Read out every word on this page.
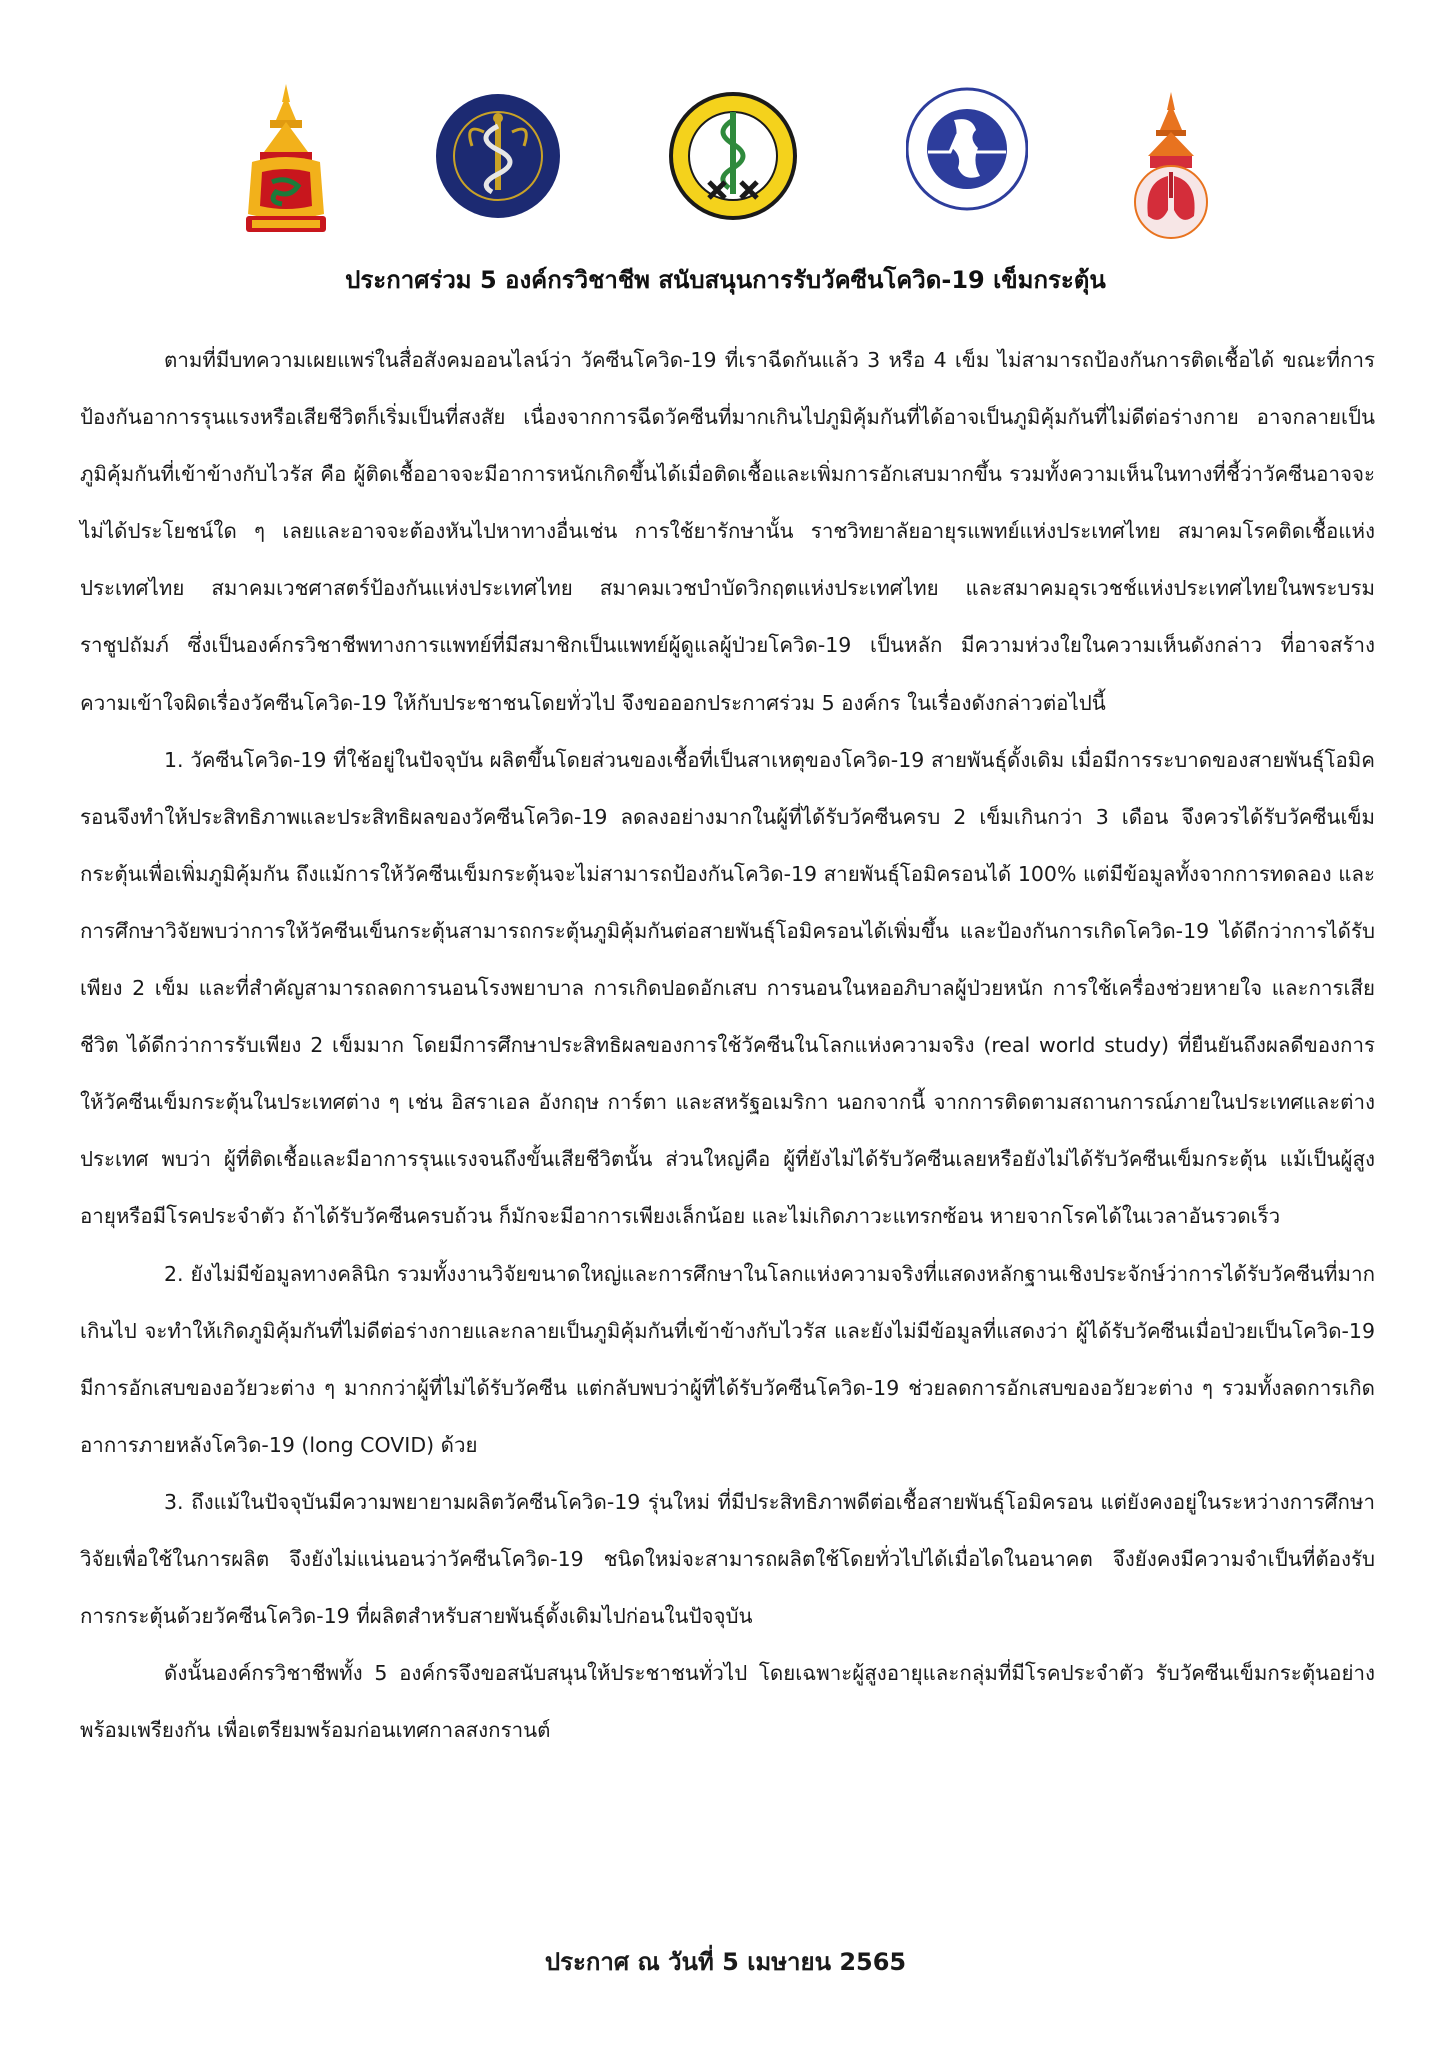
ประกาศร่วม 5 องค์กรวิชาชีพ สนับสนุนการรับวัคซีนโควิด-19 เข็มกระตุ้น

ตามที่มีบทความเผยแพร่ในสื่อสังคมออนไลน์ว่า วัคซีนโควิด-19 ที่เราฉีดกันแล้ว 3 หรือ 4 เข็ม ไม่สามารถป้องกันการติดเชื้อได้ ขณะที่การป้องกันอาการรุนแรงหรือเสียชีวิตก็เริ่มเป็นที่สงสัย เนื่องจากการฉีดวัคซีนที่มากเกินไปภูมิคุ้มกันที่ได้อาจเป็นภูมิคุ้มกันที่ไม่ดีต่อร่างกาย อาจกลายเป็นภูมิคุ้มกันที่เข้าข้างกับไวรัส คือ ผู้ติดเชื้ออาจจะมีอาการหนักเกิดขึ้นได้เมื่อติดเชื้อและเพิ่มการอักเสบมากขึ้น รวมทั้งความเห็นในทางที่ชี้ว่าวัคซีนอาจจะไม่ได้ประโยชน์ใด ๆ เลยและอาจจะต้องหันไปหาทางอื่นเช่น การใช้ยารักษานั้น ราชวิทยาลัยอายุรแพทย์แห่งประเทศไทย สมาคมโรคติดเชื้อแห่งประเทศไทย สมาคมเวชศาสตร์ป้องกันแห่งประเทศไทย สมาคมเวชบำบัดวิกฤตแห่งประเทศไทย และสมาคมอุรเวชช์แห่งประเทศไทยในพระบรมราชูปถัมภ์ ซึ่งเป็นองค์กรวิชาชีพทางการแพทย์ที่มีสมาชิกเป็นแพทย์ผู้ดูแลผู้ป่วยโควิด-19 เป็นหลัก มีความห่วงใยในความเห็นดังกล่าว ที่อาจสร้างความเข้าใจผิดเรื่องวัคซีนโควิด-19 ให้กับประชาชนโดยทั่วไป จึงขอออกประกาศร่วม 5 องค์กร ในเรื่องดังกล่าวต่อไปนี้

1. วัคซีนโควิด-19 ที่ใช้อยู่ในปัจจุบัน ผลิตขึ้นโดยส่วนของเชื้อที่เป็นสาเหตุของโควิด-19 สายพันธุ์ดั้งเดิม เมื่อมีการระบาดของสายพันธุ์โอมิครอนจึงทำให้ประสิทธิภาพและประสิทธิผลของวัคซีนโควิด-19 ลดลงอย่างมากในผู้ที่ได้รับวัคซีนครบ 2 เข็มเกินกว่า 3 เดือน จึงควรได้รับวัคซีนเข็มกระตุ้นเพื่อเพิ่มภูมิคุ้มกัน ถึงแม้การให้วัคซีนเข็มกระตุ้นจะไม่สามารถป้องกันโควิด-19 สายพันธุ์โอมิครอนได้ 100% แต่มีข้อมูลทั้งจากการทดลอง และการศึกษาวิจัยพบว่าการให้วัคซีนเข็นกระตุ้นสามารถกระตุ้นภูมิคุ้มกันต่อสายพันธุ์โอมิครอนได้เพิ่มขึ้น และป้องกันการเกิดโควิด-19 ได้ดีกว่าการได้รับเพียง 2 เข็ม และที่สำคัญสามารถลดการนอนโรงพยาบาล การเกิดปอดอักเสบ การนอนในหออภิบาลผู้ป่วยหนัก การใช้เครื่องช่วยหายใจ และการเสียชีวิต ได้ดีกว่าการรับเพียง 2 เข็มมาก โดยมีการศึกษาประสิทธิผลของการใช้วัคซีนในโลกแห่งความจริง (real world study) ที่ยืนยันถึงผลดีของการให้วัคซีนเข็มกระตุ้นในประเทศต่าง ๆ เช่น อิสราเอล อังกฤษ การ์ตา และสหรัฐอเมริกา นอกจากนี้ จากการติดตามสถานการณ์ภายในประเทศและต่างประเทศ พบว่า ผู้ที่ติดเชื้อและมีอาการรุนแรงจนถึงขั้นเสียชีวิตนั้น ส่วนใหญ่คือ ผู้ที่ยังไม่ได้รับวัคซีนเลยหรือยังไม่ได้รับวัคซีนเข็มกระตุ้น แม้เป็นผู้สูงอายุหรือมีโรคประจำตัว ถ้าได้รับวัคซีนครบถ้วน ก็มักจะมีอาการเพียงเล็กน้อย และไม่เกิดภาวะแทรกซ้อน หายจากโรคได้ในเวลาอันรวดเร็ว

2. ยังไม่มีข้อมูลทางคลินิก รวมทั้งงานวิจัยขนาดใหญ่และการศึกษาในโลกแห่งความจริงที่แสดงหลักฐานเชิงประจักษ์ว่าการได้รับวัคซีนที่มากเกินไป จะทำให้เกิดภูมิคุ้มกันที่ไม่ดีต่อร่างกายและกลายเป็นภูมิคุ้มกันที่เข้าข้างกับไวรัส และยังไม่มีข้อมูลที่แสดงว่า ผู้ได้รับวัคซีนเมื่อป่วยเป็นโควิด-19 มีการอักเสบของอวัยวะต่าง ๆ มากกว่าผู้ที่ไม่ได้รับวัคซีน แต่กลับพบว่าผู้ที่ได้รับวัคซีนโควิด-19 ช่วยลดการอักเสบของอวัยวะต่าง ๆ รวมทั้งลดการเกิดอาการภายหลังโควิด-19 (long COVID) ด้วย

3. ถึงแม้ในปัจจุบันมีความพยายามผลิตวัคซีนโควิด-19 รุ่นใหม่ ที่มีประสิทธิภาพดีต่อเชื้อสายพันธุ์โอมิครอน แต่ยังคงอยู่ในระหว่างการศึกษาวิจัยเพื่อใช้ในการผลิต จึงยังไม่แน่นอนว่าวัคซีนโควิด-19 ชนิดใหม่จะสามารถผลิตใช้โดยทั่วไปได้เมื่อไดในอนาคต จึงยังคงมีความจำเป็นที่ต้องรับการกระตุ้นด้วยวัคซีนโควิด-19 ที่ผลิตสำหรับสายพันธุ์ดั้งเดิมไปก่อนในปัจจุบัน

ดังนั้นองค์กรวิชาชีพทั้ง 5 องค์กรจึงขอสนับสนุนให้ประชาชนทั่วไป โดยเฉพาะผู้สูงอายุและกลุ่มที่มีโรคประจำตัว รับวัคซีนเข็มกระตุ้นอย่างพร้อมเพรียงกัน เพื่อเตรียมพร้อมก่อนเทศกาลสงกรานต์

ประกาศ ณ วันที่ 5 เมษายน 2565
